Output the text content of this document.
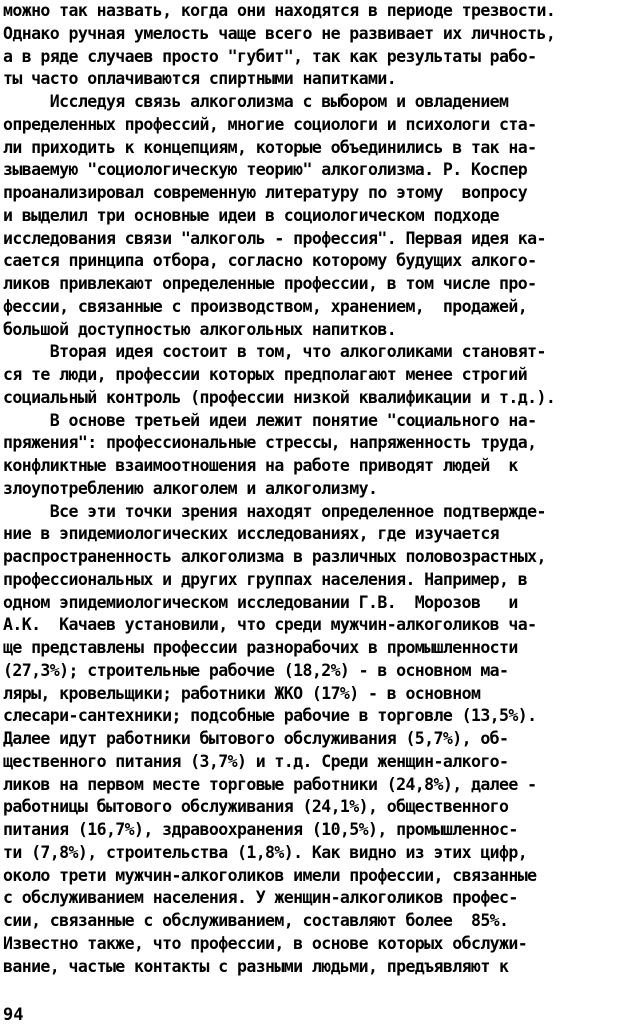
можно так назвать, когда они находятся в периоде трезвости.
Однако ручная умелость чаще всего не развивает их личность,
а в ряде случаев просто "губит", так как результаты рабо-
ты часто оплачиваются спиртными напитками.
Исследуя связь алкоголизма с выбором и овладением
определенных профессий, многие социологи и психологи ста-
ли приходить к концепциям, которые объединились в так на-
зываемую "социологическую теорию" алкоголизма. Р. Коспер
проанализировал современную литературу по этому  вопросу
и выделил три основные идеи в социологическом подходе
исследования связи "алкоголь - профессия". Первая идея ка-
сается принципа отбора, согласно которому будущих алкого-
ликов привлекают определенные профессии, в том числе про-
фессии, связанные с производством, хранением,  продажей,
большой доступностью алкогольных напитков.
Вторая идея состоит в том, что алкоголиками становят-
ся те люди, профессии которых предполагают менее строгий
социальный контроль (профессии низкой квалификации и т.д.).
В основе третьей идеи лежит понятие "социального на-
пряжения": профессиональные стрессы, напряженность труда,
конфликтные взаимоотношения на работе приводят людей  к
злоупотреблению алкоголем и алкоголизму.
Все эти точки зрения находят определенное подтвержде-
ние в эпидемиологических исследованиях, где изучается
распространенность алкоголизма в различных половозрастных,
профессиональных и других группах населения. Например, в
одном эпидемиологическом исследовании Г.В.  Морозов   и
А.К.  Качаев установили, что среди мужчин-алкоголиков ча-
ще представлены профессии разнорабочих в промышленности
(27,3%); строительные рабочие (18,2%) - в основном ма-
ляры, кровельщики; работники ЖКО (17%) - в основном
слесари-сантехники; подсобные рабочие в торговле (13,5%).
Далее идут работники бытового обслуживания (5,7%), об-
щественного питания (3,7%) и т.д. Среди женщин-алкого-
ликов на первом месте торговые работники (24,8%), далее -
работницы бытового обслуживания (24,1%), общественного
питания (16,7%), здравоохранения (10,5%), промышленнос-
ти (7,8%), строительства (1,8%). Как видно из этих цифр,
около трети мужчин-алкоголиков имели профессии, связанные
с обслуживанием населения. У женщин-алкоголиков профес-
сии, связанные с обслуживанием, составляют более  85%.
Известно также, что профессии, в основе которых обслужи-
вание, частые контакты с разными людьми, предъявляют к
94
